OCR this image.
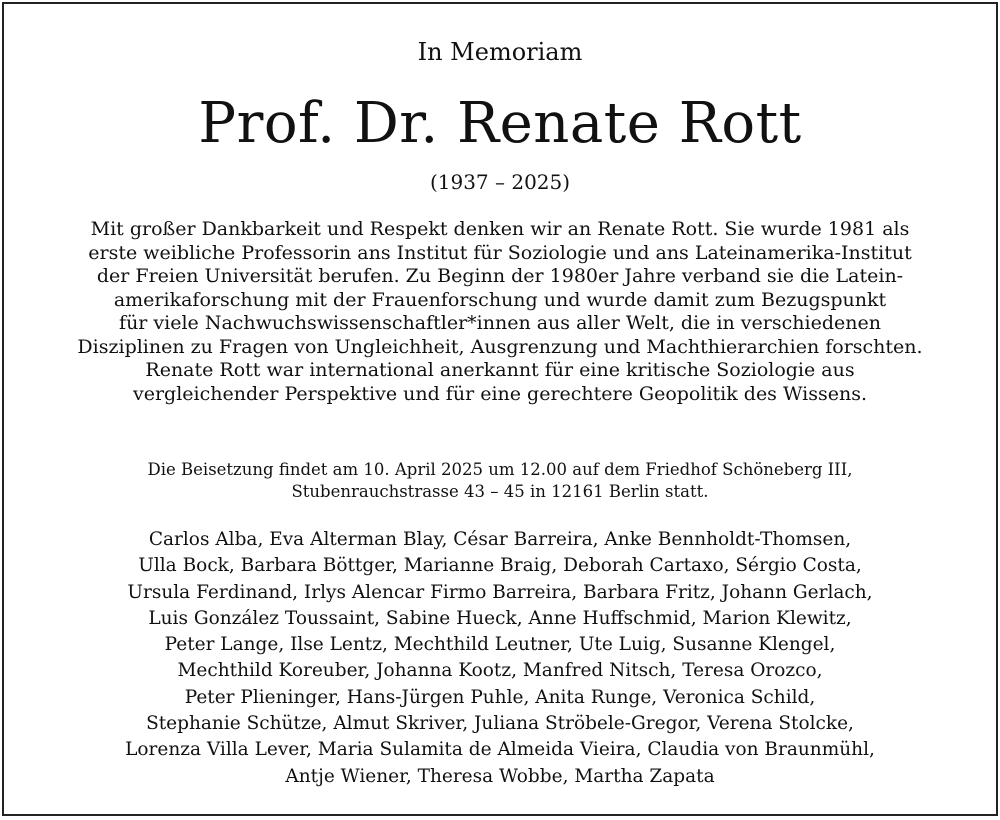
In Memoriam
Prof. Dr. Renate Rott
(1937 – 2025)
Mit großer Dankbarkeit und Respekt denken wir an Renate Rott. Sie wurde 1981 als
erste weibliche Professorin ans Institut für Soziologie und ans Lateinamerika-Institut
der Freien Universität berufen. Zu Beginn der 1980er Jahre verband sie die Latein-
amerikaforschung mit der Frauenforschung und wurde damit zum Bezugspunkt
für viele Nachwuchswissenschaftler*innen aus aller Welt, die in verschiedenen
Disziplinen zu Fragen von Ungleichheit, Ausgrenzung und Machthierarchien forschten.
Renate Rott war international anerkannt für eine kritische Soziologie aus
vergleichender Perspektive und für eine gerechtere Geopolitik des Wissens.
Die Beisetzung findet am 10. April 2025 um 12.00 auf dem Friedhof Schöneberg III,
Stubenrauchstrasse 43 – 45 in 12161 Berlin statt.
Carlos Alba, Eva Alterman Blay, César Barreira, Anke Bennholdt-Thomsen,
Ulla Bock, Barbara Böttger, Marianne Braig, Deborah Cartaxo, Sérgio Costa,
Ursula Ferdinand, Irlys Alencar Firmo Barreira, Barbara Fritz, Johann Gerlach,
Luis González Toussaint, Sabine Hueck, Anne Huffschmid, Marion Klewitz,
Peter Lange, Ilse Lentz, Mechthild Leutner, Ute Luig, Susanne Klengel,
Mechthild Koreuber, Johanna Kootz, Manfred Nitsch, Teresa Orozco,
Peter Plieninger, Hans-Jürgen Puhle, Anita Runge, Veronica Schild,
Stephanie Schütze, Almut Skriver, Juliana Ströbele-Gregor, Verena Stolcke,
Lorenza Villa Lever, Maria Sulamita de Almeida Vieira, Claudia von Braunmühl,
Antje Wiener, Theresa Wobbe, Martha Zapata
